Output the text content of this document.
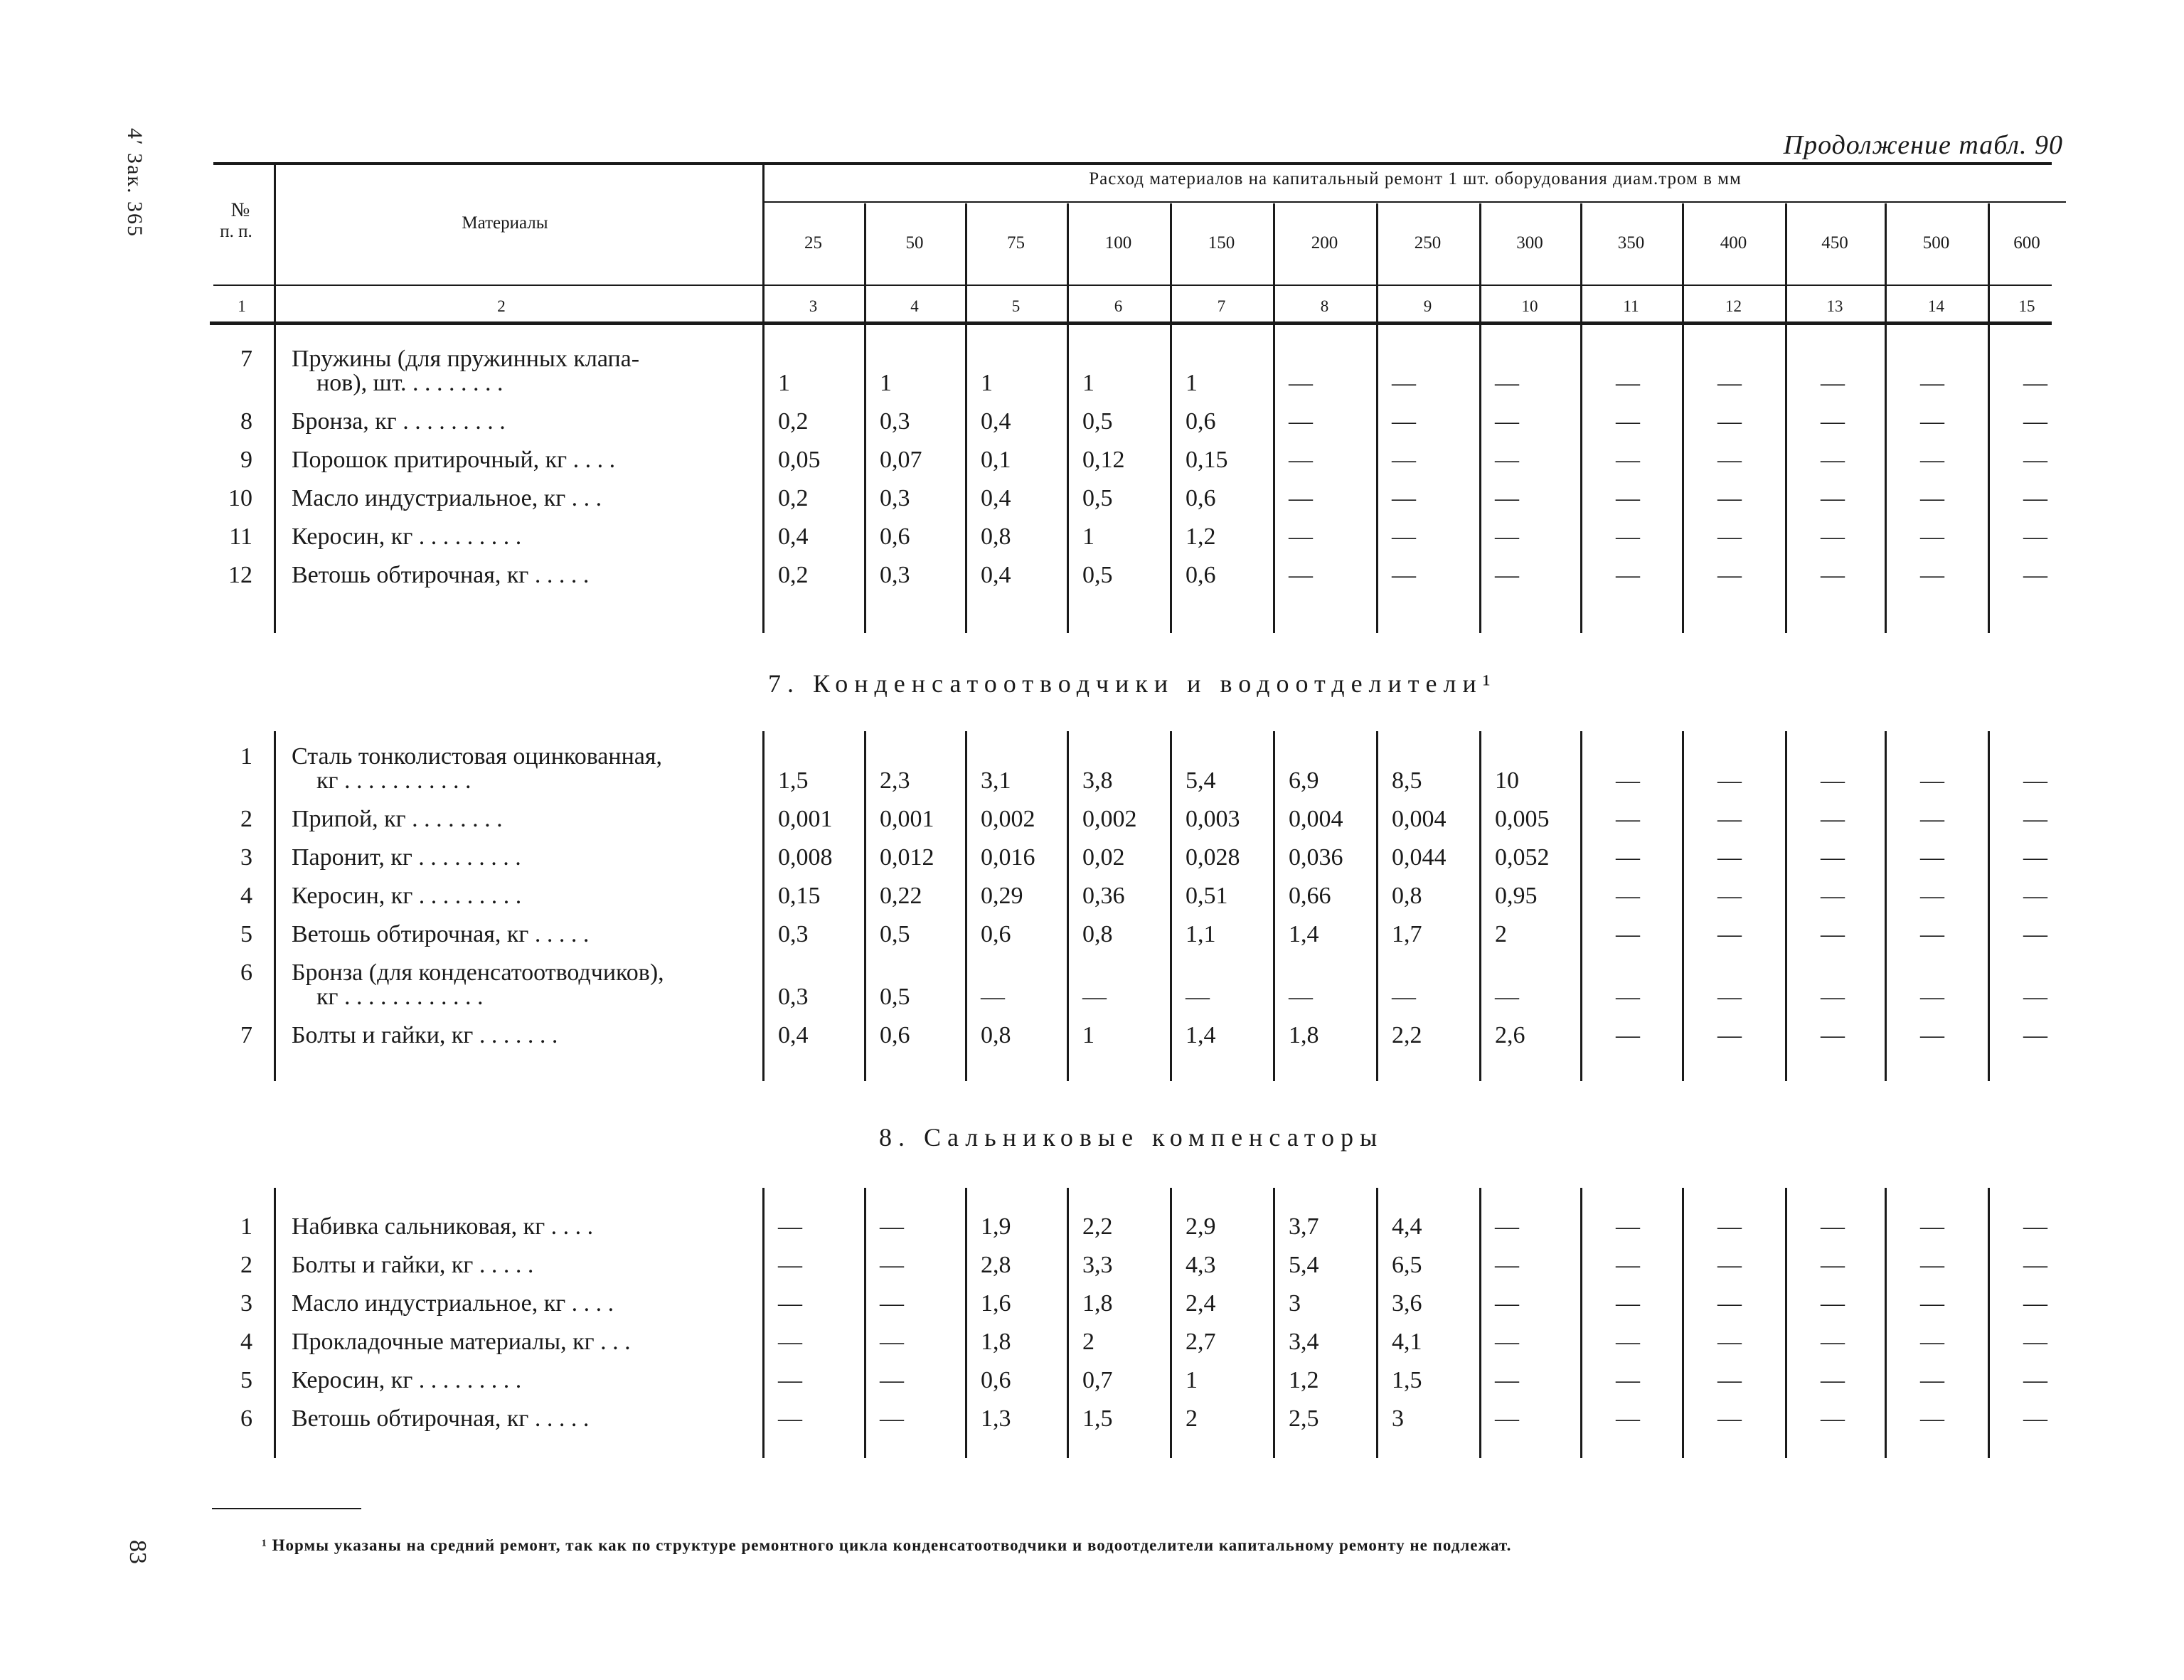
4ʹ Зак. 365
83
Продолжение табл. 90
№
п. п.	Материалы
Расход материалов на капитальный ремонт 1 шт. оборудования диам.тром в мм
25	50	75	100	150	200	250	300	350	400	450	500	600
1	2	3	4	5	6	7	8	9	10	11	12	13	14	15
7 Пружины (для пружинных клапа-
нов), шт. . . . . . . . .	1	1	1	1	1	—	—	—	—	—	—	—	—
8 Бронза, кг . . . . . . . . .	0,2	0,3	0,4	0,5	0,6	—	—	—	—	—	—	—	—
9 Порошок притирочный, кг . . . .	0,05 0,07 0,1	0,12	0,15	—	—	—	—	—	—	—	—
10 Масло индустриальное, кг . . .	0,2	0,3	0,4	0,5	0,6	—	—	—	—	—	—	—	—
11 Керосин, кг . . . . . . . . .	0,4	0,6	0,8	1	1,2	—	—	—	—	—	—	—	—
12 Ветошь обтирочная, кг . . . . .	0,2	0,3	0,4	0,5	0,6	—	—	—	—	—	—	—	—
7. Конденсатоотводчики и водоотделители¹
1 Сталь тонколистовая оцинкованная,
кг . . . . . . . . . . .	1,5	2,3	3,1	3,8	5,4	6,9	8,5	10	—	—	—	—	—
2 Припой, кг . . . . . . . .	0,001 0,001 0,002 0,002 0,003 0,004 0,004 0,005	—	—	—	—	—
3 Паронит, кг . . . . . . . . .	0,008 0,012 0,016 0,02	0,028 0,036 0,044 0,052	—	—	—	—	—
4 Керосин, кг . . . . . . . . .	0,15 0,22 0,29 0,36	0,51	0,66	0,8	0,95	—	—	—	—	—
5 Ветошь обтирочная, кг . . . . .	0,3	0,5	0,6	0,8	1,1	1,4	1,7	2	—	—	—	—	—
6 Бронза (для конденсатоотводчиков),
кг . . . . . . . . . . . .	0,3	0,5	—	—	—	—	—	—	—	—	—	—	—
7 Болты и гайки, кг . . . . . . .	0,4	0,6	0,8	1	1,4	1,8	2,2	2,6	—	—	—	—	—
8. Сальниковые компенсаторы
1 Набивка сальниковая, кг . . . .	—	—	1,9	2,2	2,9	3,7	4,4	—	—	—	—	—	—
2 Болты и гайки, кг . . . . .	—	—	2,8	3,3	4,3	5,4	6,5	—	—	—	—	—	—
3 Масло индустриальное, кг . . . .	—	—	1,6	1,8	2,4	3	3,6	—	—	—	—	—	—
4 Прокладочные материалы, кг . . .	—	—	1,8	2	2,7	3,4	4,1	—	—	—	—	—	—
5 Керосин, кг . . . . . . . . .	—	—	0,6	0,7	1	1,2	1,5	—	—	—	—	—	—
6 Ветошь обтирочная, кг . . . . .	—	—	1,3	1,5	2	2,5	3	—	—	—	—	—	—
¹ Нормы указаны на средний ремонт, так как по структуре ремонтного цикла конденсатоотводчики и водоотделители капитальному ремонту не подлежат.
